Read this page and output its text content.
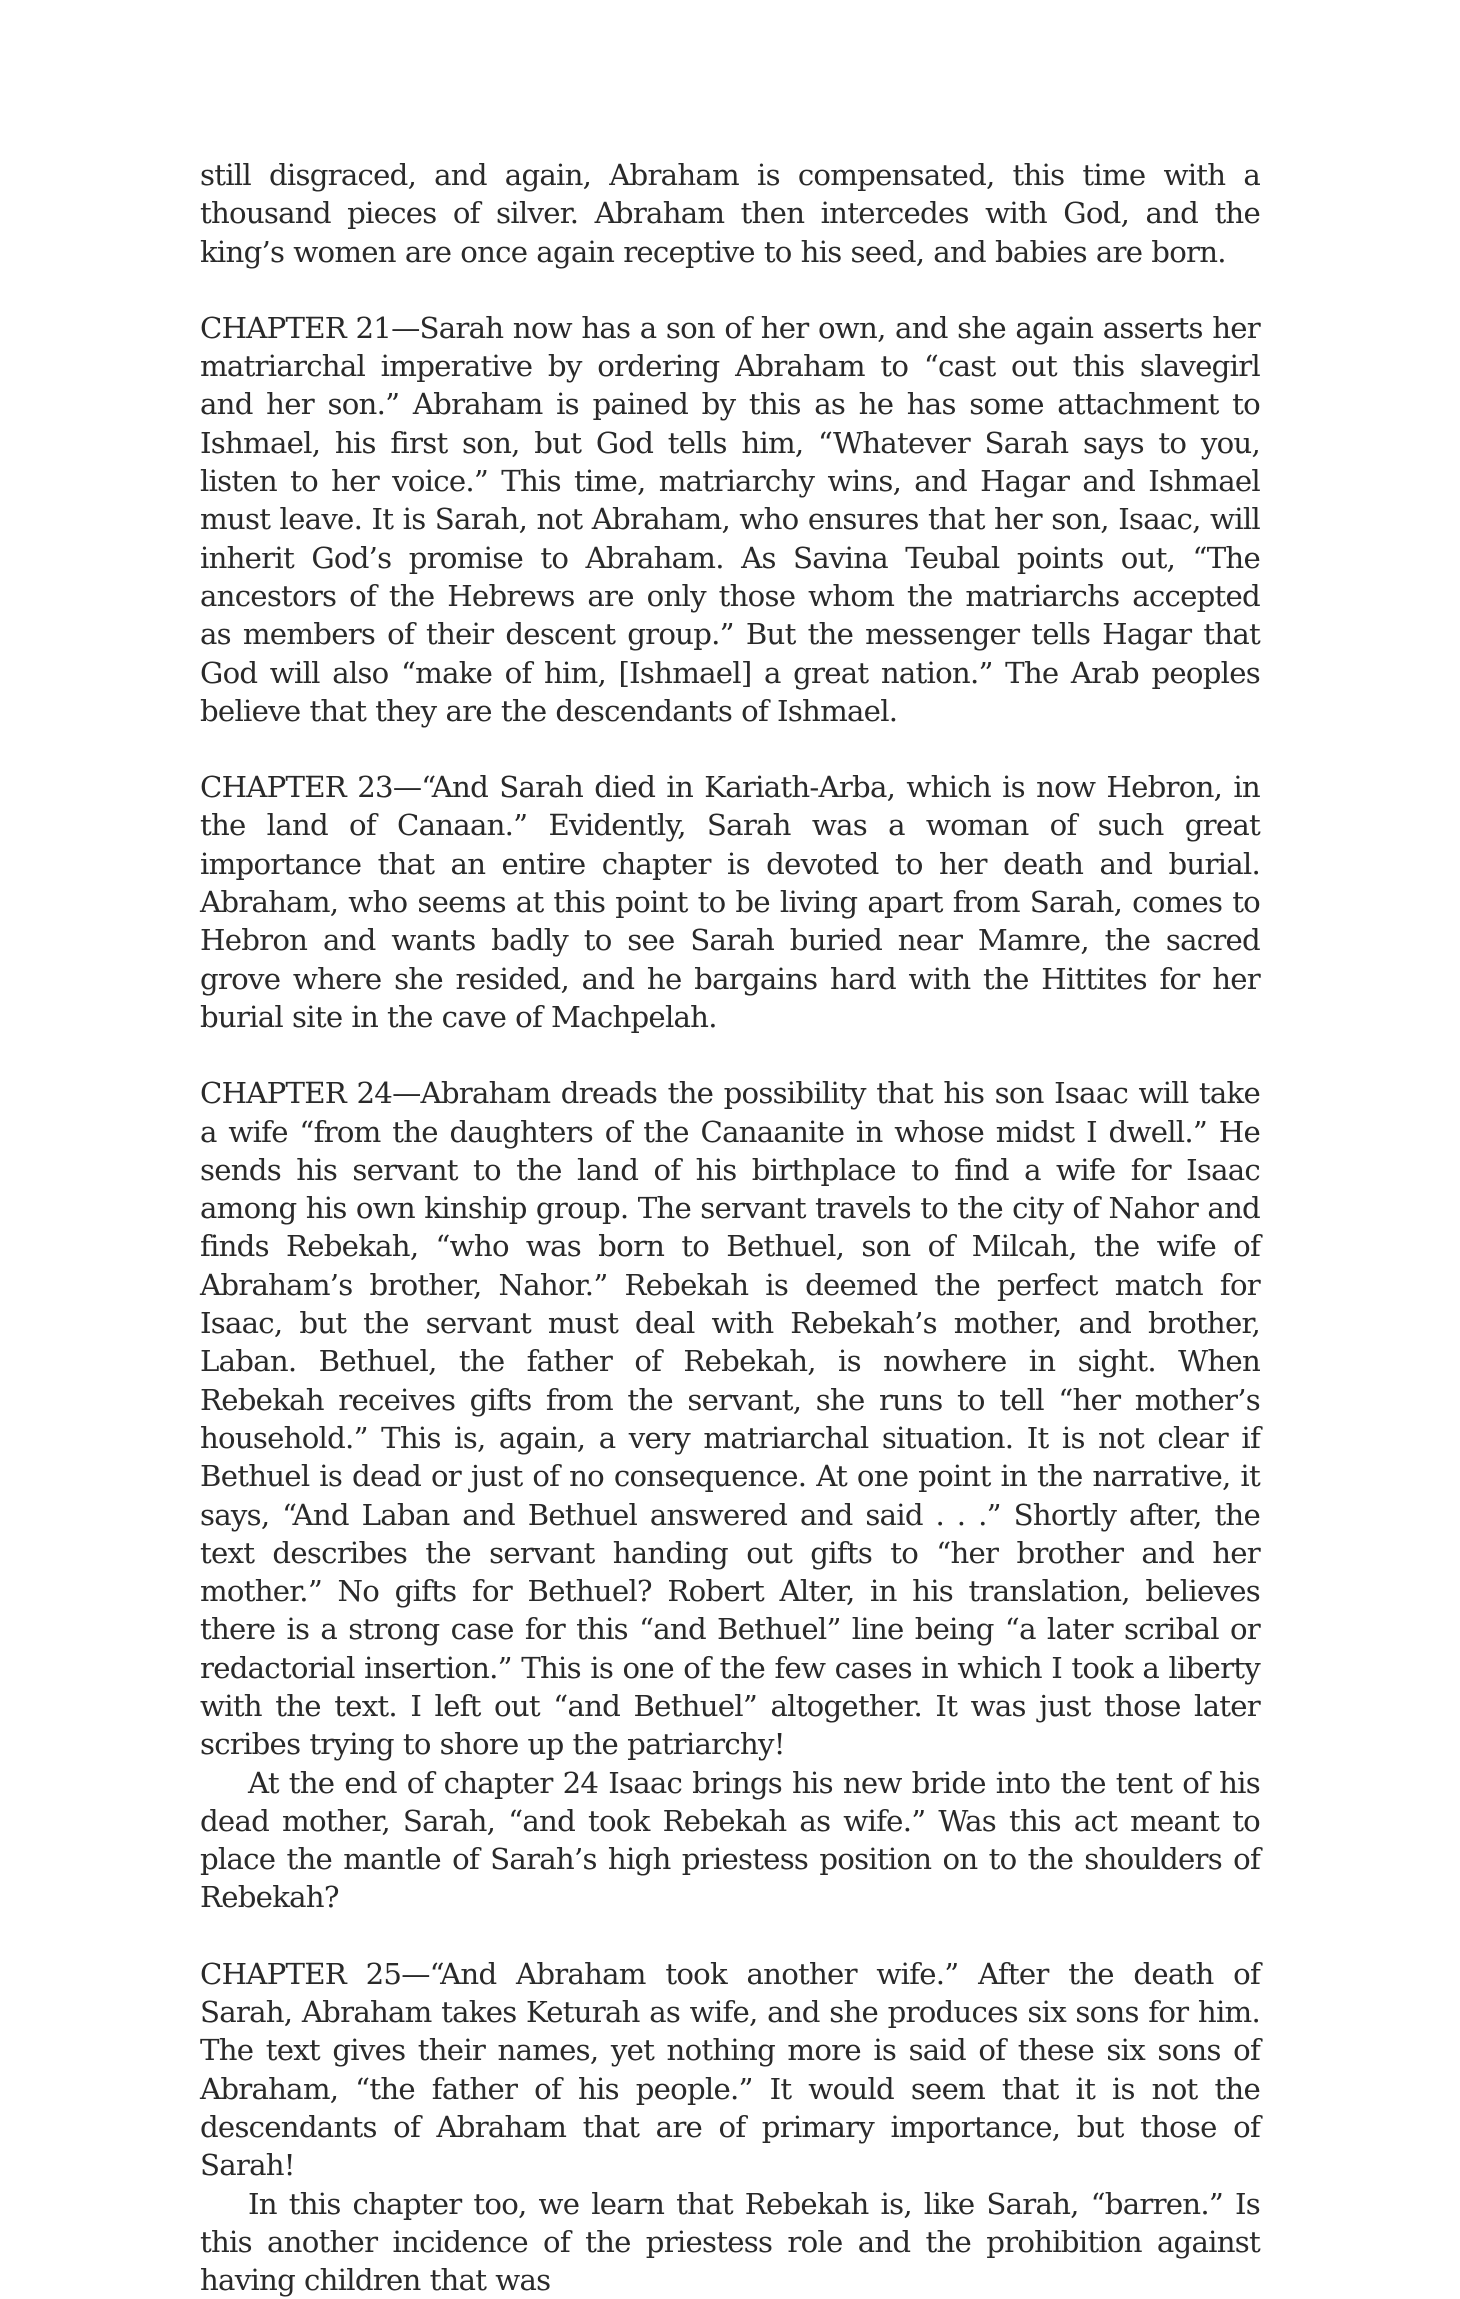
still disgraced, and again, Abraham is compensated, this time with a thousand pieces of silver. Abraham then intercedes with God, and the king’s women are once again receptive to his seed, and babies are born.

CHAPTER 21—Sarah now has a son of her own, and she again asserts her matriarchal imperative by ordering Abraham to “cast out this slavegirl and her son.” Abraham is pained by this as he has some attachment to Ishmael, his first son, but God tells him, “Whatever Sarah says to you, listen to her voice.” This time, matriarchy wins, and Hagar and Ishmael must leave. It is Sarah, not Abraham, who ensures that her son, Isaac, will inherit God’s promise to Abraham. As Savina Teubal points out, “The ancestors of the Hebrews are only those whom the matriarchs accepted as members of their descent group.” But the messenger tells Hagar that God will also “make of him, [Ishmael] a great nation.” The Arab peoples believe that they are the descendants of Ishmael.

CHAPTER 23—“And Sarah died in Kariath-Arba, which is now Hebron, in the land of Canaan.” Evidently, Sarah was a woman of such great importance that an entire chapter is devoted to her death and burial. Abraham, who seems at this point to be living apart from Sarah, comes to Hebron and wants badly to see Sarah buried near Mamre, the sacred grove where she resided, and he bargains hard with the Hittites for her burial site in the cave of Machpelah.

CHAPTER 24—Abraham dreads the possibility that his son Isaac will take a wife “from the daughters of the Canaanite in whose midst I dwell.” He sends his servant to the land of his birthplace to find a wife for Isaac among his own kinship group. The servant travels to the city of Nahor and finds Rebekah, “who was born to Bethuel, son of Milcah, the wife of Abraham’s brother, Nahor.” Rebekah is deemed the perfect match for Isaac, but the servant must deal with Rebekah’s mother, and brother, Laban. Bethuel, the father of Rebekah, is nowhere in sight. When Rebekah receives gifts from the servant, she runs to tell “her mother’s household.” This is, again, a very matriarchal situation. It is not clear if Bethuel is dead or just of no consequence. At one point in the narrative, it says, “And Laban and Bethuel answered and said . . .” Shortly after, the text describes the servant handing out gifts to “her brother and her mother.” No gifts for Bethuel? Robert Alter, in his translation, believes there is a strong case for this “and Bethuel” line being “a later scribal or redactorial insertion.” This is one of the few cases in which I took a liberty with the text. I left out “and Bethuel” altogether. It was just those later scribes trying to shore up the patriarchy!

At the end of chapter 24 Isaac brings his new bride into the tent of his dead mother, Sarah, “and took Rebekah as wife.” Was this act meant to place the mantle of Sarah’s high priestess position on to the shoulders of Rebekah?

CHAPTER 25—“And Abraham took another wife.” After the death of Sarah, Abraham takes Keturah as wife, and she produces six sons for him. The text gives their names, yet nothing more is said of these six sons of Abraham, “the father of his people.” It would seem that it is not the descendants of Abraham that are of primary importance, but those of Sarah!

In this chapter too, we learn that Rebekah is, like Sarah, “barren.” Is this another incidence of the priestess role and the prohibition against having children that was
